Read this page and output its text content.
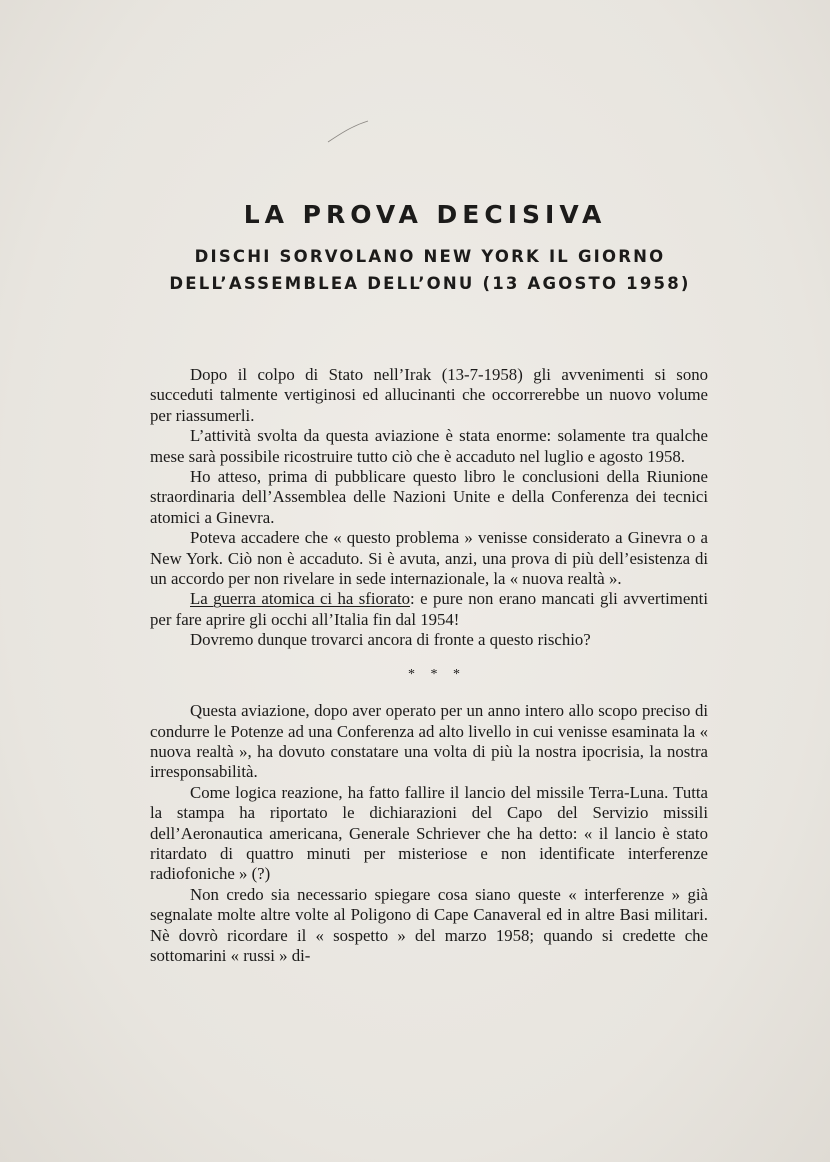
LA PROVA DECISIVA
DISCHI SORVOLANO NEW YORK IL GIORNO
DELL’ASSEMBLEA DELL’ONU (13 AGOSTO 1958)

Dopo il colpo di Stato nell’Irak (13-7-1958) gli avvenimenti si sono succeduti talmente vertiginosi ed allucinanti che occorrerebbe un nuovo volume per riassumerli.

L’attività svolta da questa aviazione è stata enorme: solamente tra qualche mese sarà possibile ricostruire tutto ciò che è accaduto nel luglio e agosto 1958.

Ho atteso, prima di pubblicare questo libro le conclusioni della Riunione straordinaria dell’Assemblea delle Nazioni Unite e della Conferenza dei tecnici atomici a Ginevra.

Poteva accadere che « questo problema » venisse considerato a Ginevra o a New York. Ciò non è accaduto. Si è avuta, anzi, una prova di più dell’esistenza di un accordo per non rivelare in sede internazionale, la « nuova realtà ».

La guerra atomica ci ha sfiorato: e pure non erano mancati gli avvertimenti per fare aprire gli occhi all’Italia fin dal 1954!

Dovremo dunque trovarci ancora di fronte a questo rischio?

* * *

Questa aviazione, dopo aver operato per un anno intero allo scopo preciso di condurre le Potenze ad una Conferenza ad alto livello in cui venisse esaminata la « nuova realtà », ha dovuto constatare una volta di più la nostra ipocrisia, la nostra irresponsabilità.

Come logica reazione, ha fatto fallire il lancio del missile Terra-Luna. Tutta la stampa ha riportato le dichiarazioni del Capo del Servizio missili dell’Aeronautica americana, Generale Schriever che ha detto: « il lancio è stato ritardato di quattro minuti per misteriose e non identificate interferenze radiofoniche » (?)

Non credo sia necessario spiegare cosa siano queste « interferenze » già segnalate molte altre volte al Poligono di Cape Canaveral ed in altre Basi militari. Nè dovrò ricordare il « sospetto » del marzo 1958; quando si credette che sottomarini « russi » di-
